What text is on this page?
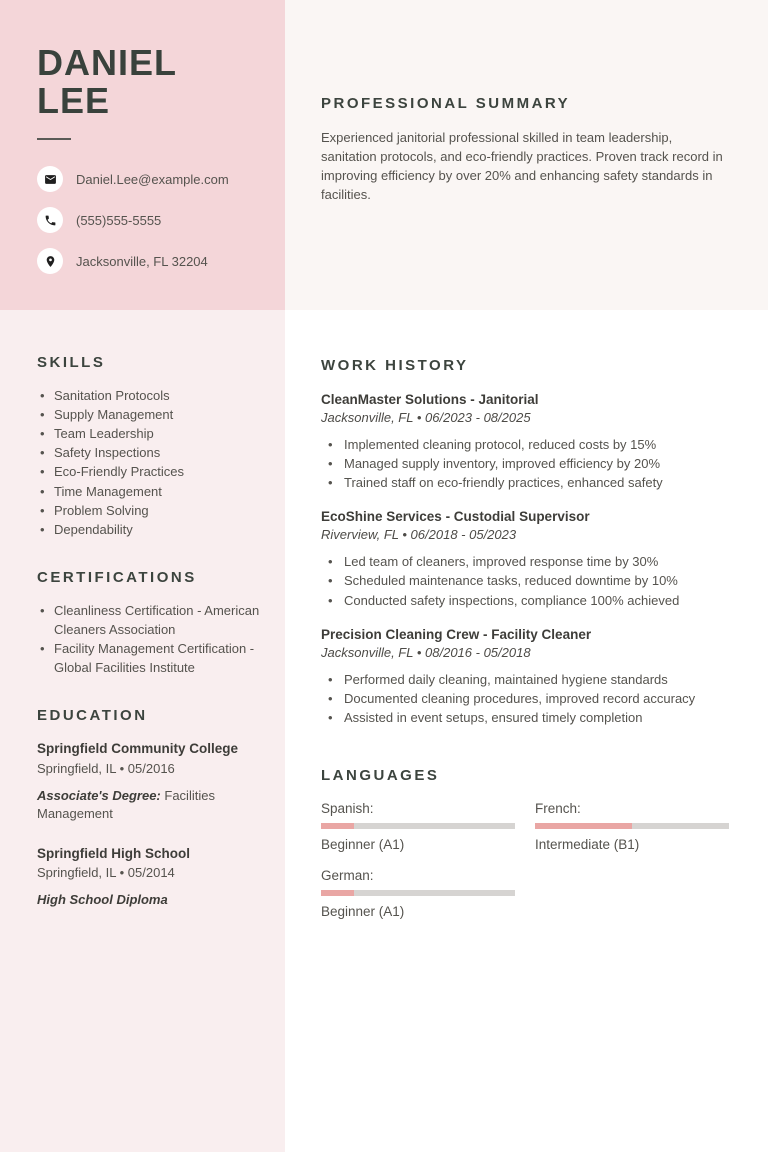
DANIEL
LEE
Daniel.Lee@example.com
(555)555-5555
Jacksonville, FL 32204
SKILLS
• Sanitation Protocols
• Supply Management
• Team Leadership
• Safety Inspections
• Eco-Friendly Practices
• Time Management
• Problem Solving
• Dependability
CERTIFICATIONS
• Cleanliness Certification - American Cleaners Association
• Facility Management Certification - Global Facilities Institute
EDUCATION
Springfield Community College
Springfield, IL • 05/2016
Associate's Degree: Facilities Management
Springfield High School
Springfield, IL • 05/2014
High School Diploma
PROFESSIONAL SUMMARY

Experienced janitorial professional skilled in team leadership, sanitation protocols, and eco-friendly practices. Proven track record in improving efficiency by over 20% and enhancing safety standards in facilities.

WORK HISTORY
CleanMaster Solutions - Janitorial
Jacksonville, FL • 06/2023 - 08/2025
• Implemented cleaning protocol, reduced costs by 15%
• Managed supply inventory, improved efficiency by 20%
• Trained staff on eco-friendly practices, enhanced safety
EcoShine Services - Custodial Supervisor
Riverview, FL • 06/2018 - 05/2023
• Led team of cleaners, improved response time by 30%
• Scheduled maintenance tasks, reduced downtime by 10%
• Conducted safety inspections, compliance 100% achieved
Precision Cleaning Crew - Facility Cleaner
Jacksonville, FL • 08/2016 - 05/2018
• Performed daily cleaning, maintained hygiene standards
• Documented cleaning procedures, improved record accuracy
• Assisted in event setups, ensured timely completion
LANGUAGES
Spanish:
Beginner (A1)
French:
Intermediate (B1)
German:
Beginner (A1)
